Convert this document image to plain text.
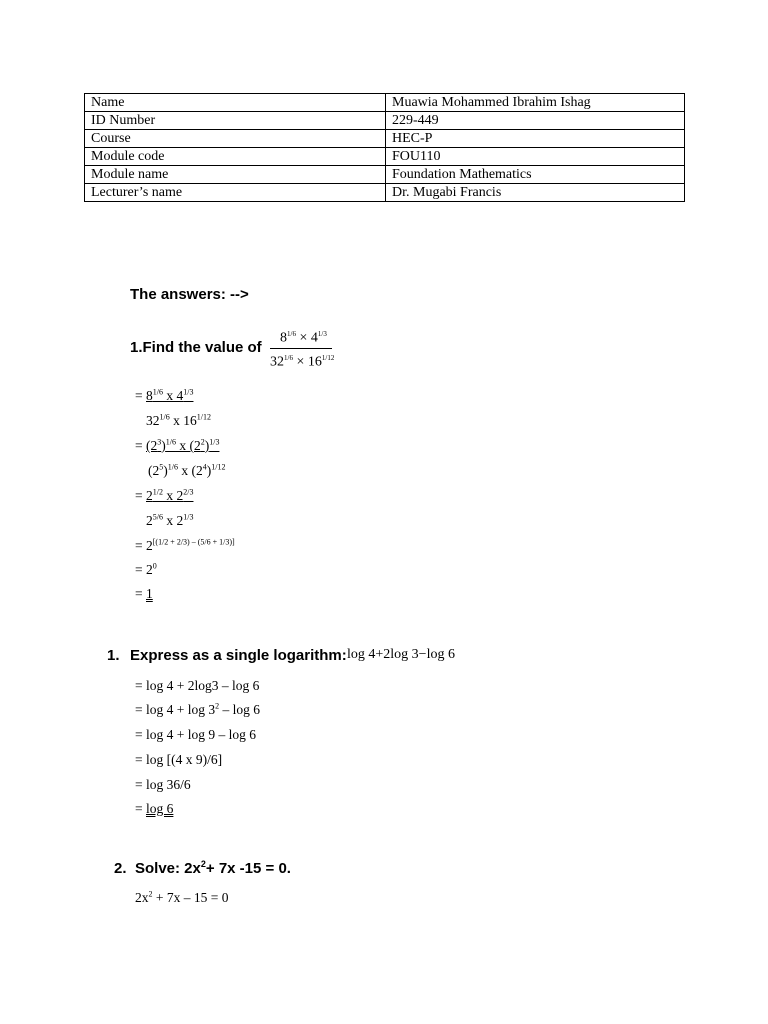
Name	Muawia Mohammed Ibrahim Ishag
ID Number	229-449
Course	HEC-P
Module code	FOU110
Module name	Foundation Mathematics
Lecturer’s name	Dr. Mugabi Francis
The answers: -->
1.Find the value of
$8^{1/6} \times 4^{1/3}$
$32^{1/6} \times 16^{1/12}$
= $8^{1/6}$ x $4^{1/3}$
$32^{1/6}$ x $16^{1/12}$
= $(2^3)^{1/6}$ x $(2^2)^{1/3}$
$(2^5)^{1/6}$ x $(2^4)^{1/12}$
= $2^{1/2}$ x $2^{2/3}$
$2^{5/6}$ x $2^{1/3}$
= 2[(1/2 + 2/3) – (5/6 + 1/3)]
= $2^0$
= 1
1. Express as a single logarithm: log 4+2log 3−log 6
= log 4 + 2log3 – log 6
= $\log 4 + \log 3^2 - \log 6$
= log 4 + log 9 – log 6
= log [(4 x 9)/6]
= log 36/6
= log 6
2. Solve: $2x^2+ 7x$ -15 = 0.
$2x^2 + 7x - 15 = 0$
